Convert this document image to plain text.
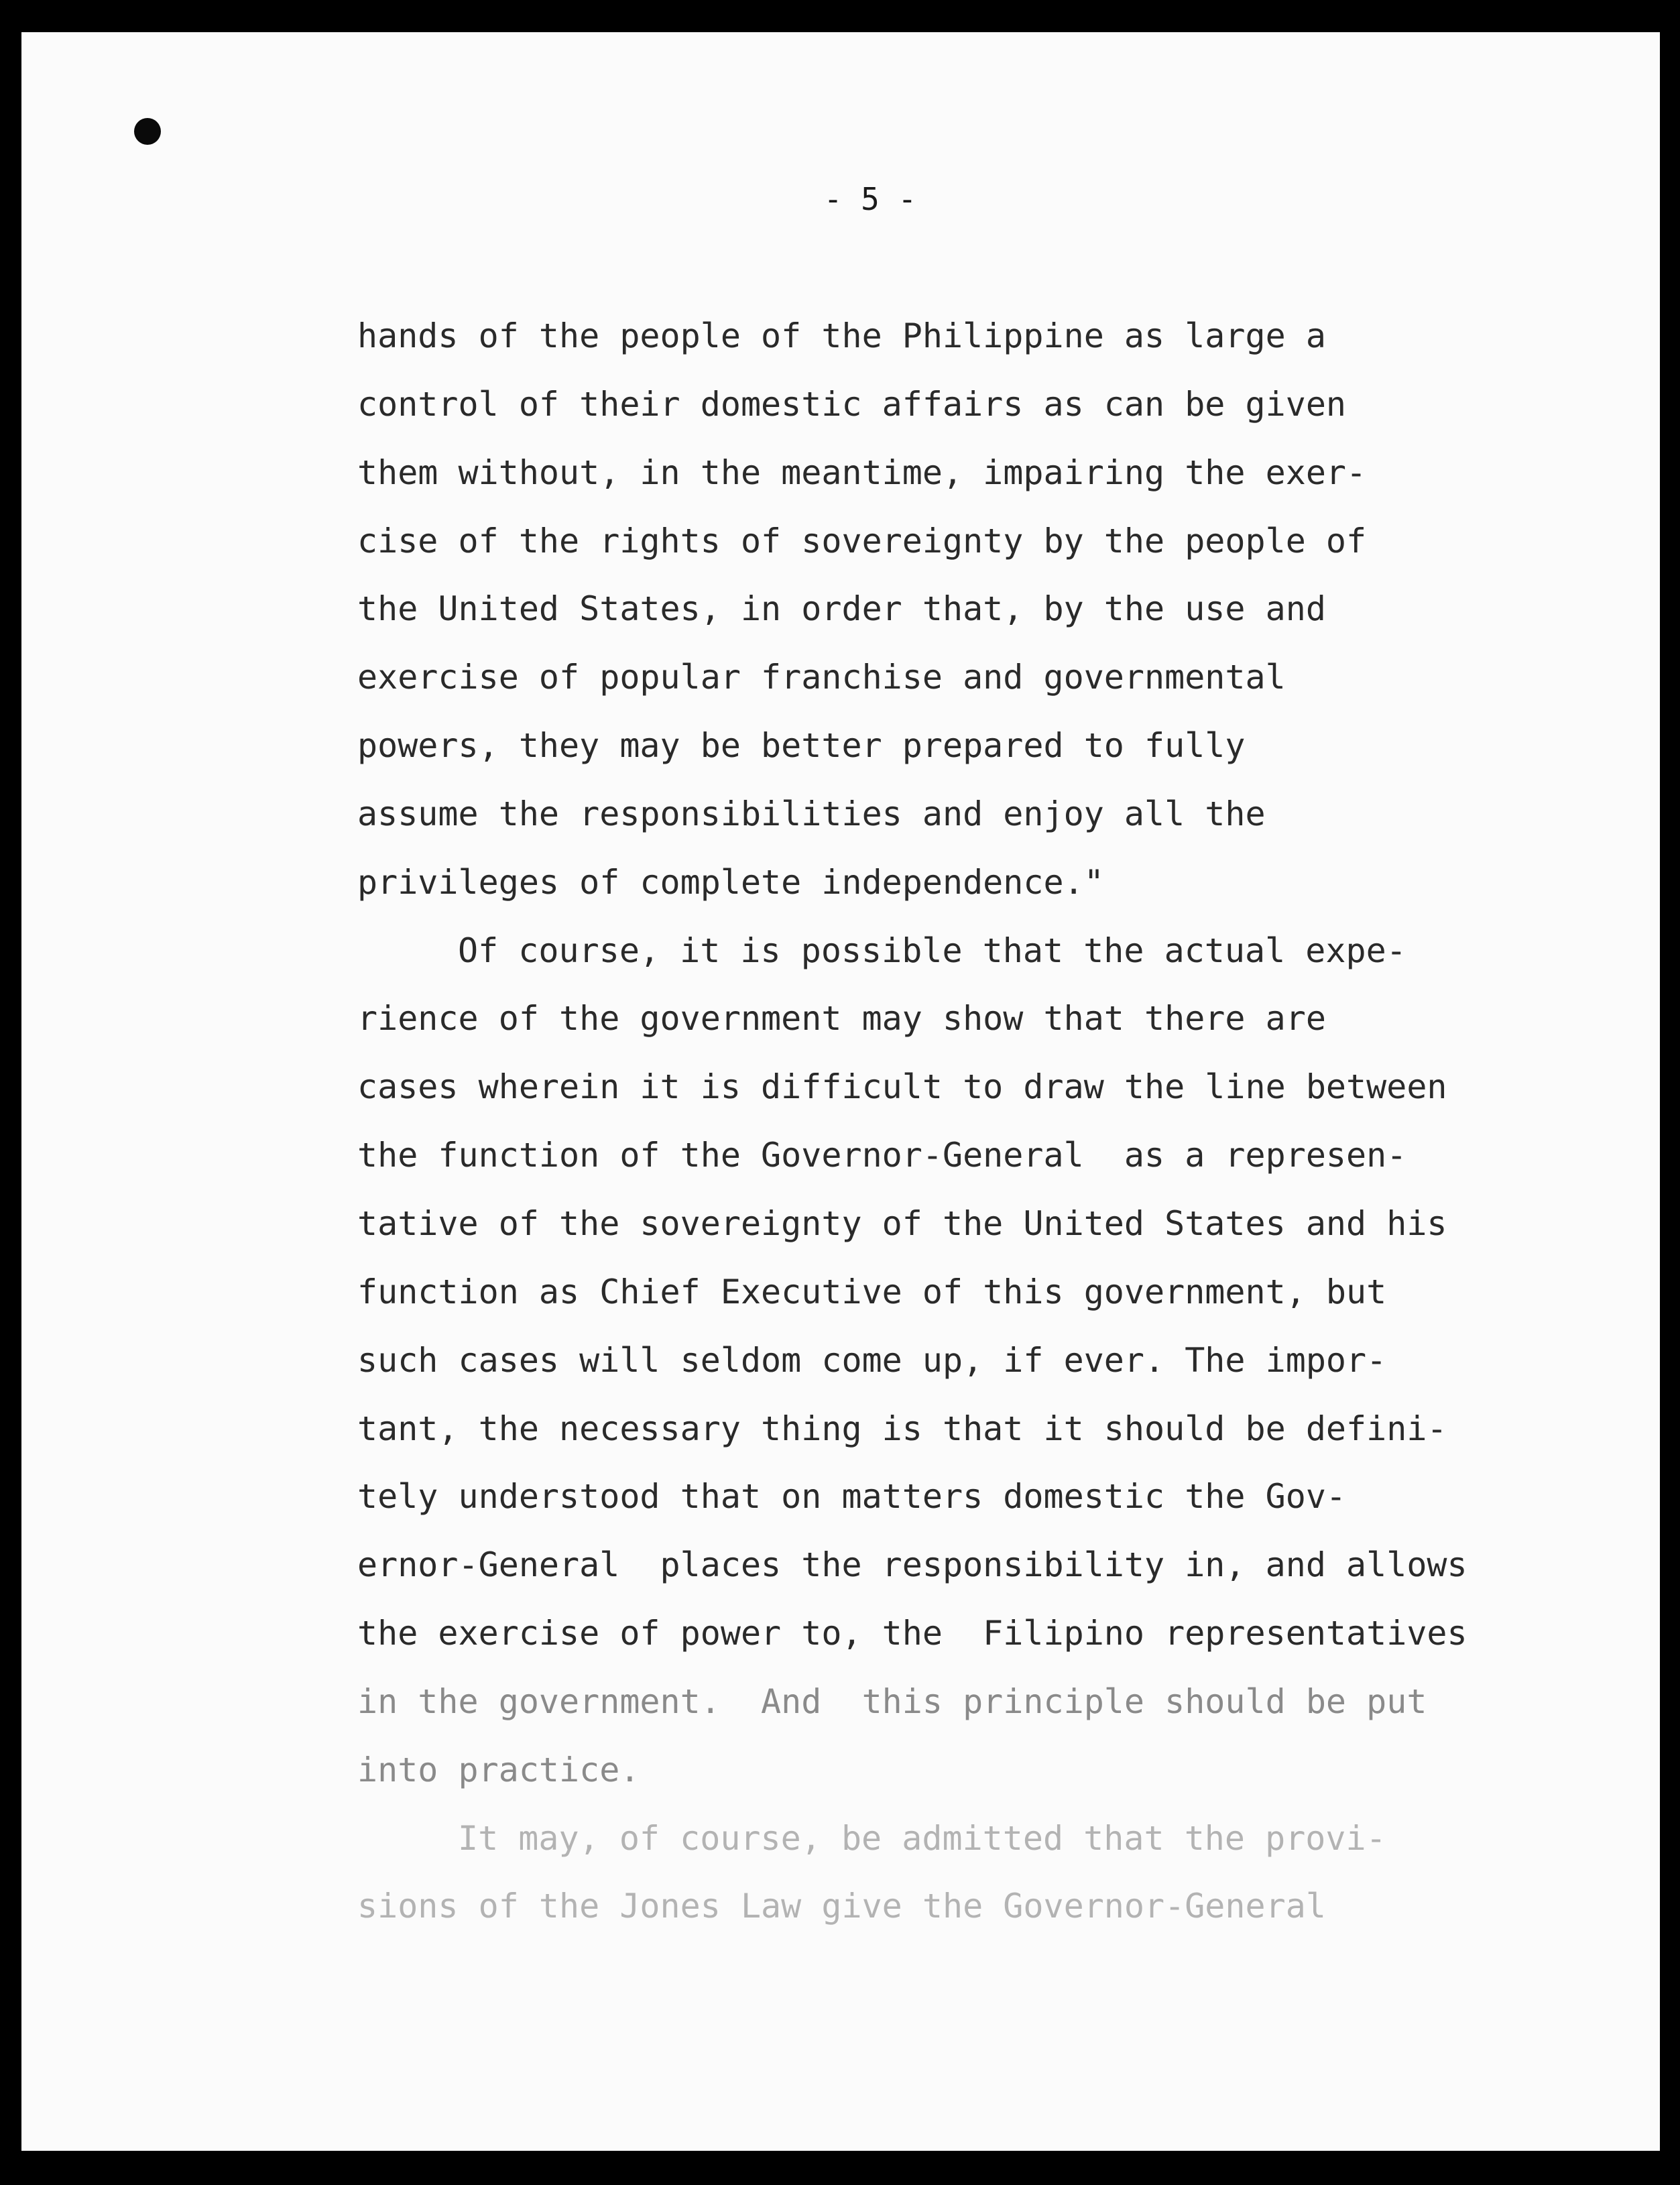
- 5 -
hands of the people of the Philippine as large a
control of their domestic affairs as can be given
them without, in the meantime, impairing the exer-
cise of the rights of sovereignty by the people of
the United States, in order that, by the use and
exercise of popular franchise and governmental
powers, they may be better prepared to fully
assume the responsibilities and enjoy all the
privileges of complete independence."
Of course, it is possible that the actual expe-
rience of the government may show that there are
cases wherein it is difficult to draw the line between
the function of the Governor-General  as a represen-
tative of the sovereignty of the United States and his
function as Chief Executive of this government, but
such cases will seldom come up, if ever. The impor-
tant, the necessary thing is that it should be defini-
tely understood that on matters domestic the Gov-
ernor-General  places the responsibility in, and allows
the exercise of power to, the  Filipino representatives
in the government.  And  this principle should be put
into practice.
It may, of course, be admitted that the provi-
sions of the Jones Law give the Governor-General
